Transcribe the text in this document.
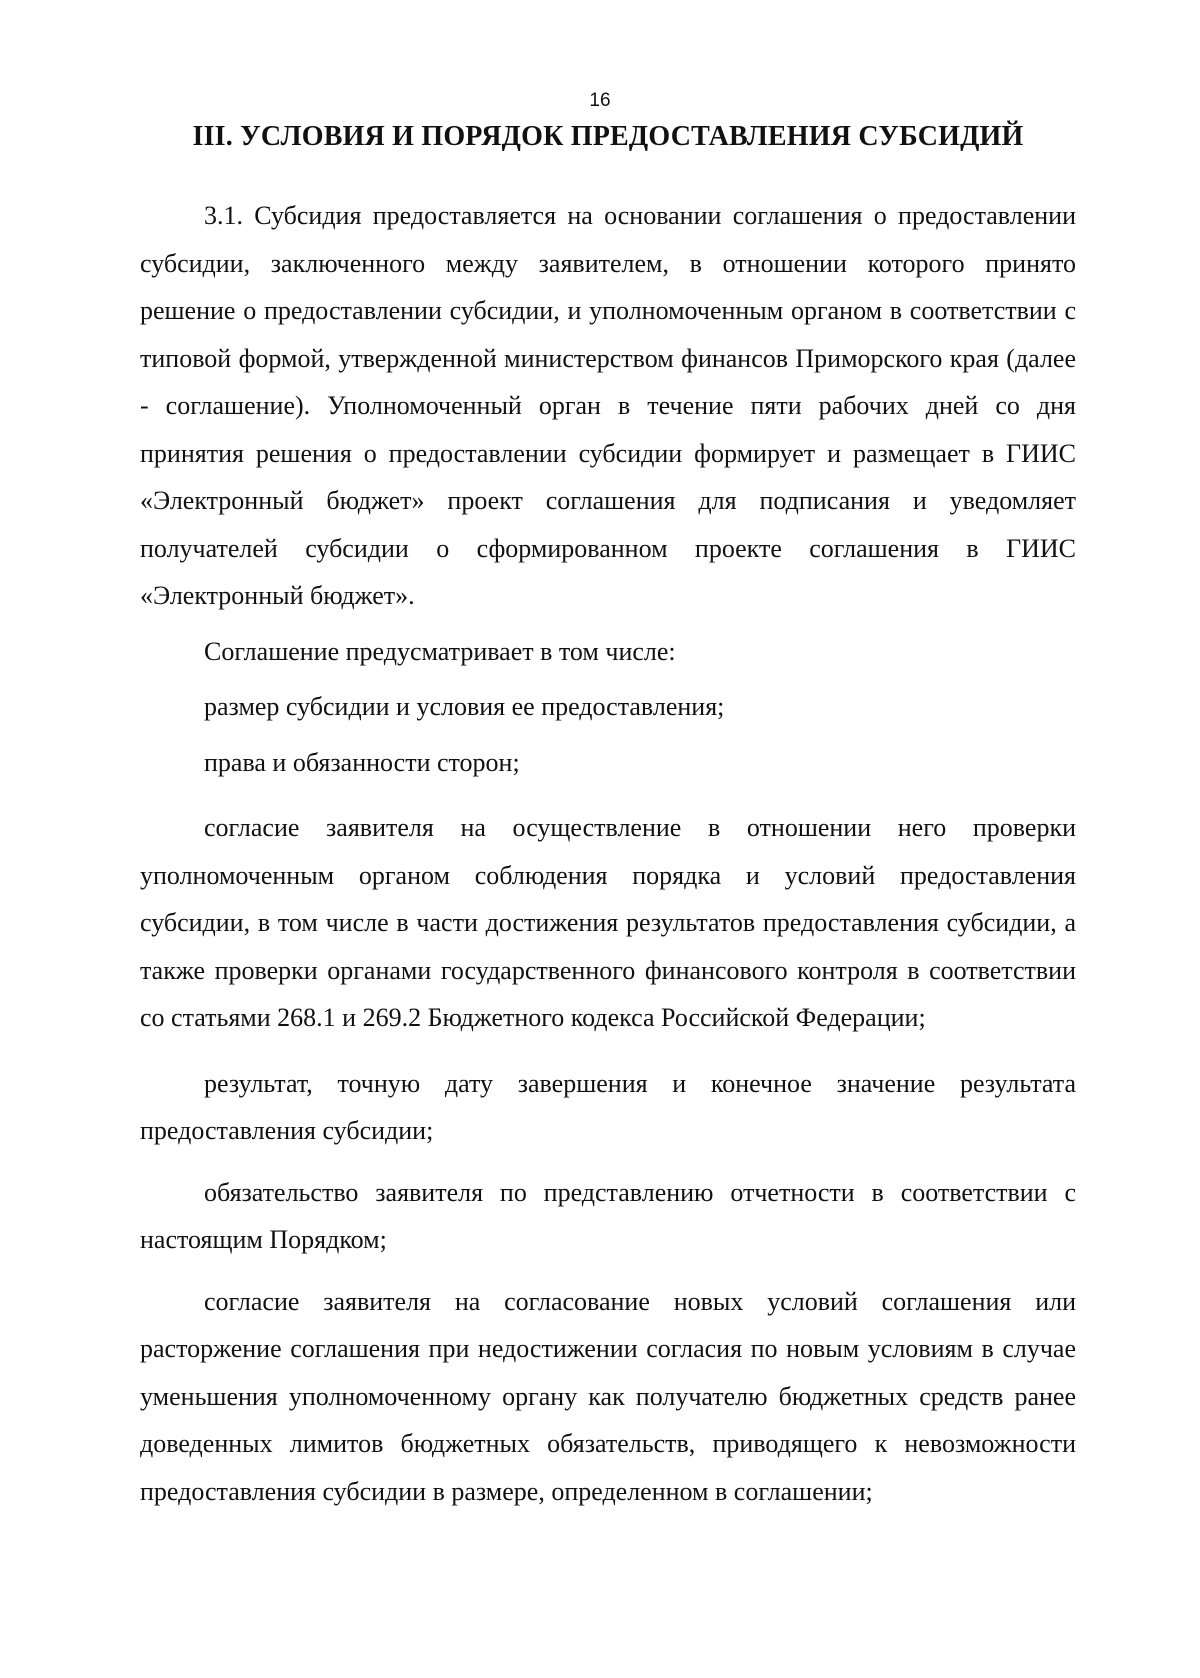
16
III. УСЛОВИЯ И ПОРЯДОК ПРЕДОСТАВЛЕНИЯ СУБСИДИЙ

3.1. Субсидия предоставляется на основании соглашения о предоставлении субсидии, заключенного между заявителем, в отношении которого принято решение о предоставлении субсидии, и уполномоченным органом в соответствии с типовой формой, утвержденной министерством финансов Приморского края (далее - соглашение). Уполномоченный орган в течение пяти рабочих дней со дня принятия решения о предоставлении субсидии формирует и размещает в ГИИС «Электронный бюджет» проект соглашения для подписания и уведомляет получателей субсидии о сформированном проекте соглашения в ГИИС «Электронный бюджет».

Соглашение предусматривает в том числе:

размер субсидии и условия ее предоставления;

права и обязанности сторон;

согласие заявителя на осуществление в отношении него проверки уполномоченным органом соблюдения порядка и условий предоставления субсидии, в том числе в части достижения результатов предоставления субсидии, а также проверки органами государственного финансового контроля в соответствии со статьями 268.1 и 269.2 Бюджетного кодекса Российской Федерации;

результат, точную дату завершения и конечное значение результата предоставления субсидии;

обязательство заявителя по представлению отчетности в соответствии с настоящим Порядком;

согласие заявителя на согласование новых условий соглашения или расторжение соглашения при недостижении согласия по новым условиям в случае уменьшения уполномоченному органу как получателю бюджетных средств ранее доведенных лимитов бюджетных обязательств, приводящего к невозможности предоставления субсидии в размере, определенном в соглашении;
